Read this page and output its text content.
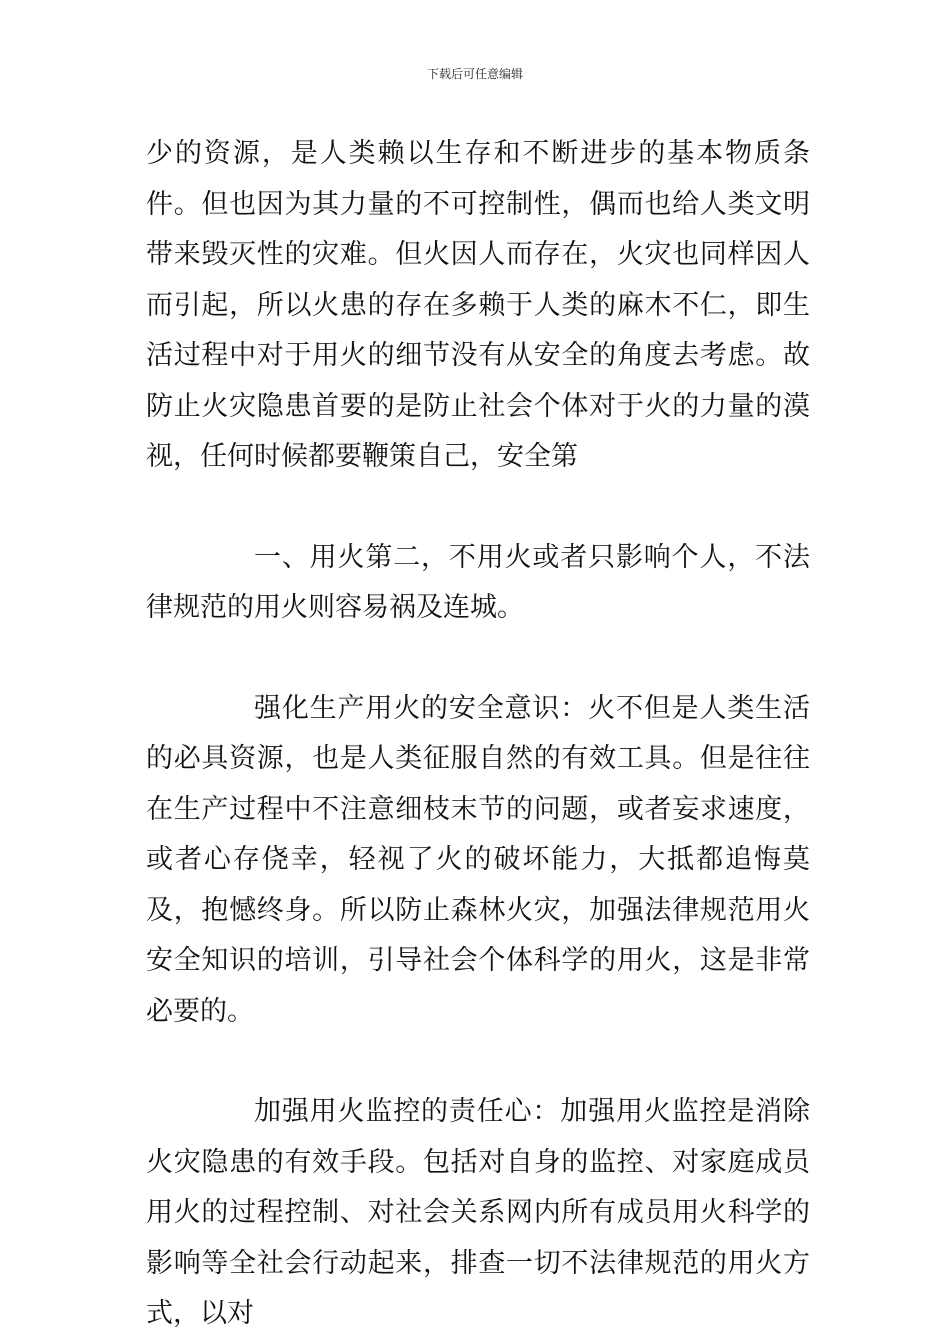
下载后可任意编辑

少的资源，是人类赖以生存和不断进步的基本物质条件。但也因为其力量的不可控制性，偶而也给人类文明带来毁灭性的灾难。但火因人而存在，火灾也同样因人而引起，所以火患的存在多赖于人类的麻木不仁，即生活过程中对于用火的细节没有从安全的角度去考虑。故防止火灾隐患首要的是防止社会个体对于火的力量的漠视，任何时候都要鞭策自己，安全第

一、用火第二，不用火或者只影响个人，不法律规范的用火则容易祸及连城。

强化生产用火的安全意识：火不但是人类生活的必具资源，也是人类征服自然的有效工具。但是往往在生产过程中不注意细枝末节的问题，或者妄求速度，或者心存侥幸，轻视了火的破坏能力，大抵都追悔莫及，抱憾终身。所以防止森林火灾，加强法律规范用火安全知识的培训，引导社会个体科学的用火，这是非常必要的。

加强用火监控的责任心：加强用火监控是消除火灾隐患的有效手段。包括对自身的监控、对家庭成员用火的过程控制、对社会关系网内所有成员用火科学的影响等全社会行动起来，排查一切不法律规范的用火方式，以对
